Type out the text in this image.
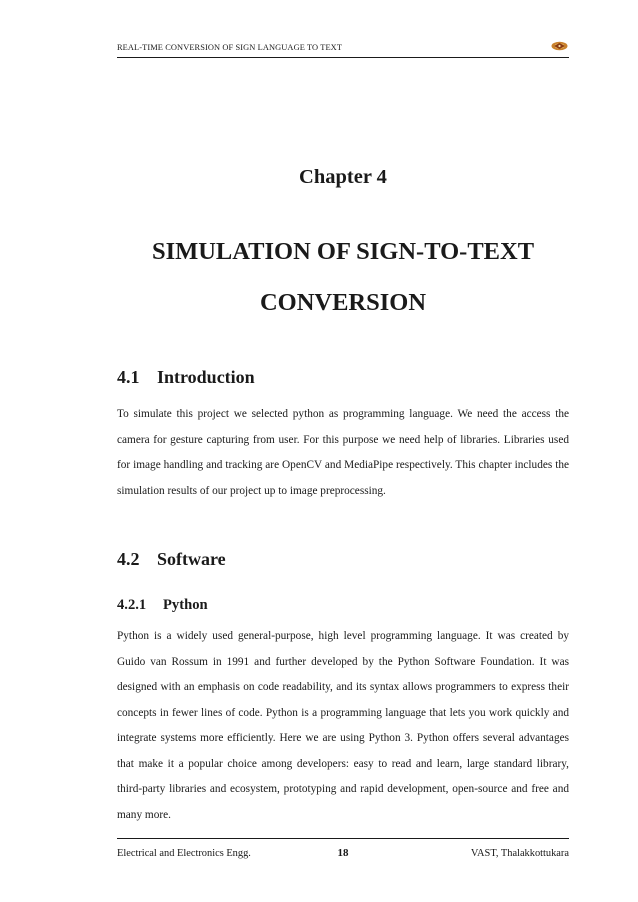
REAL-TIME CONVERSION OF SIGN LANGUAGE TO TEXT
Chapter 4
SIMULATION OF SIGN-TO-TEXT CONVERSION
4.1 Introduction
To simulate this project we selected python as programming language. We need the access the camera for gesture capturing from user. For this purpose we need help of libraries. Libraries used for image handling and tracking are OpenCV and MediaPipe respectively. This chapter includes the simulation results of our project up to image preprocessing.
4.2 Software
4.2.1 Python
Python is a widely used general-purpose, high level programming language. It was created by Guido van Rossum in 1991 and further developed by the Python Software Foundation. It was designed with an emphasis on code readability, and its syntax allows programmers to express their concepts in fewer lines of code. Python is a programming language that lets you work quickly and integrate systems more efficiently. Here we are using Python 3. Python offers several advantages that make it a popular choice among developers: easy to read and learn, large standard library, third-party libraries and ecosystem, prototyping and rapid development, open-source and free and many more.
Electrical and Electronics Engg.	18	VAST, Thalakkottukara
